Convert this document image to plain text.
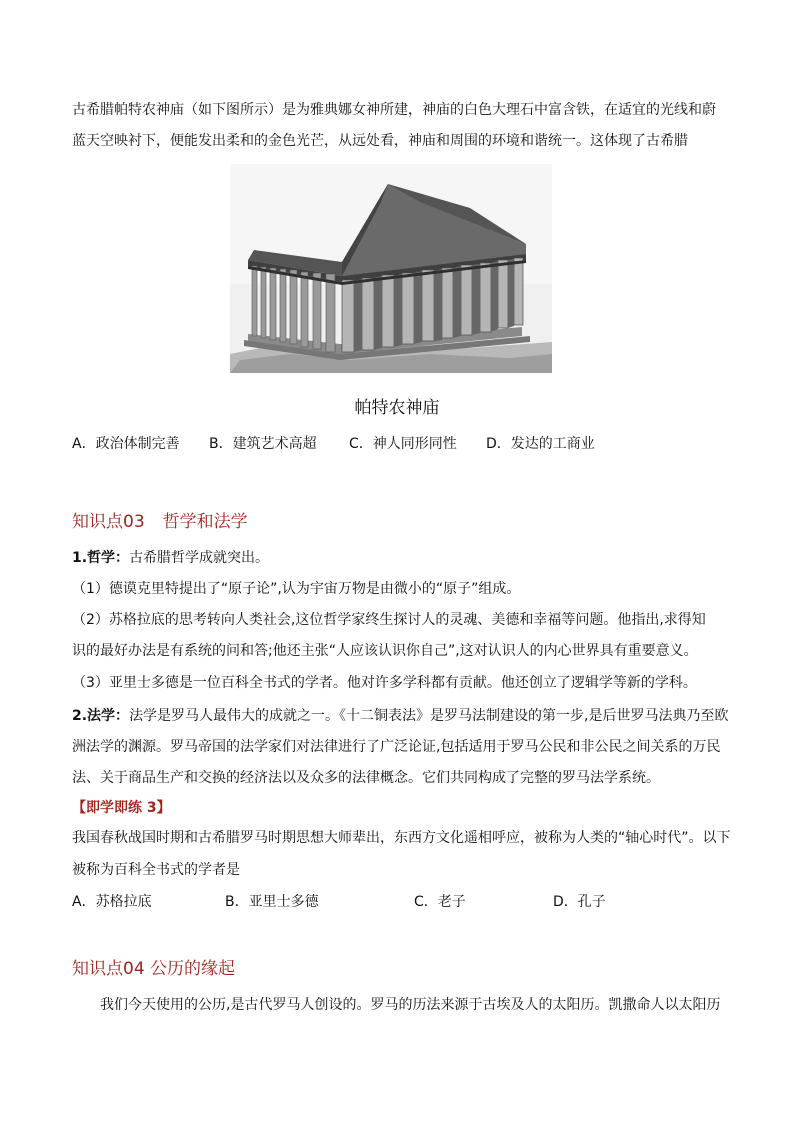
古希腊帕特农神庙（如下图所示）是为雅典娜女神所建，神庙的白色大理石中富含铁，在适宜的光线和蔚
蓝天空映衬下，便能发出柔和的金色光芒，从远处看，神庙和周围的环境和谐统一。这体现了古希腊
帕特农神庙
A．政治体制完善 B．建筑艺术高超 C．神人同形同性 D．发达的工商业
知识点03 哲学和法学
1.哲学：古希腊哲学成就突出。
（1）德谟克里特提出了“原子论”,认为宇宙万物是由微小的“原子”组成。
（2）苏格拉底的思考转向人类社会,这位哲学家终生探讨人的灵魂、美德和幸福等问题。他指出,求得知
识的最好办法是有系统的问和答;他还主张“人应该认识你自己”,这对认识人的内心世界具有重要意义。
（3）亚里士多德是一位百科全书式的学者。他对许多学科都有贡献。他还创立了逻辑学等新的学科。
2.法学：法学是罗马人最伟大的成就之一。《十二铜表法》是罗马法制建设的第一步,是后世罗马法典乃至欧
洲法学的渊源。罗马帝国的法学家们对法律进行了广泛论证,包括适用于罗马公民和非公民之间关系的万民
法、关于商品生产和交换的经济法以及众多的法律概念。它们共同构成了完整的罗马法学系统。
【即学即练 3】
我国春秋战国时期和古希腊罗马时期思想大师辈出，东西方文化遥相呼应，被称为人类的“轴心时代”。以下
被称为百科全书式的学者是
A．苏格拉底	B．亚里士多德	C．老子	D．孔子
知识点04 公历的缘起
我们今天使用的公历,是古代罗马人创设的。罗马的历法来源于古埃及人的太阳历。凯撒命人以太阳历
